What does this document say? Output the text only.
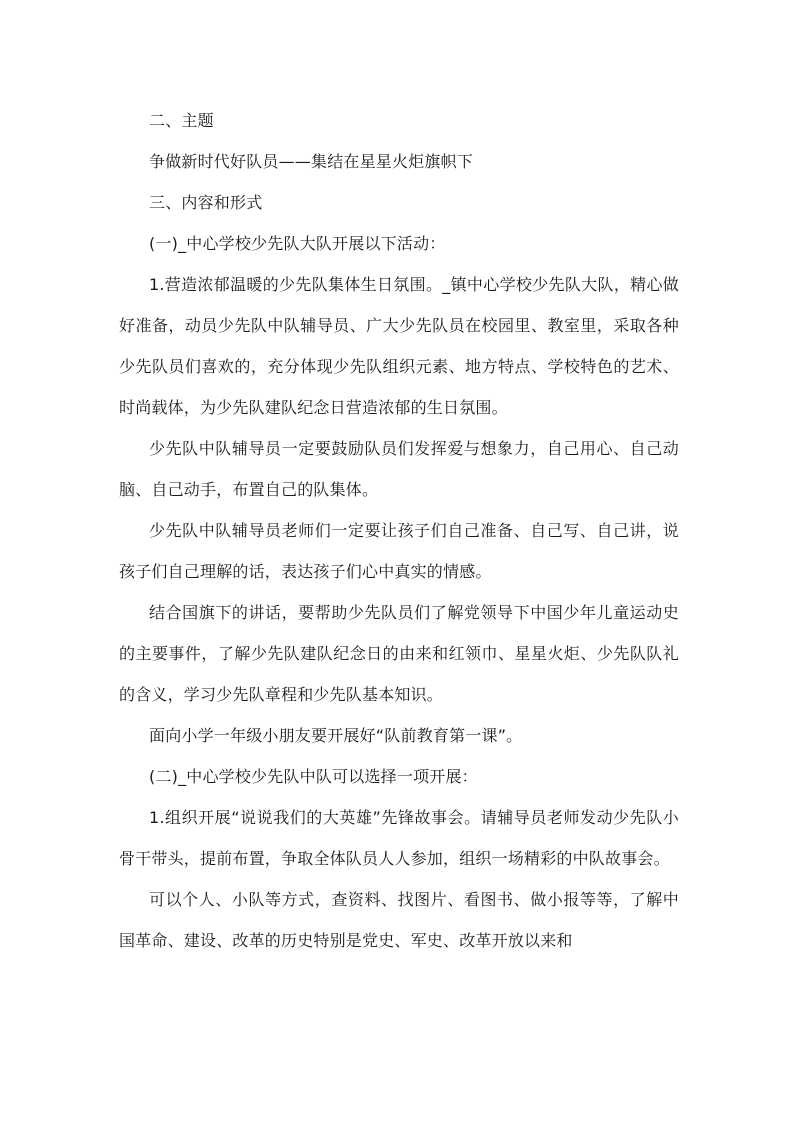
二、主题

争做新时代好队员——集结在星星火炬旗帜下

三、内容和形式

(一)_中心学校少先队大队开展以下活动：

1.营造浓郁温暖的少先队集体生日氛围。_镇中心学校少先队大队，精心做好准备，动员少先队中队辅导员、广大少先队员在校园里、教室里，采取各种少先队员们喜欢的，充分体现少先队组织元素、地方特点、学校特色的艺术、时尚载体，为少先队建队纪念日营造浓郁的生日氛围。

少先队中队辅导员一定要鼓励队员们发挥爱与想象力，自己用心、自己动脑、自己动手，布置自己的队集体。

少先队中队辅导员老师们一定要让孩子们自己准备、自己写、自己讲，说孩子们自己理解的话，表达孩子们心中真实的情感。

结合国旗下的讲话，要帮助少先队员们了解党领导下中国少年儿童运动史的主要事件，了解少先队建队纪念日的由来和红领巾、星星火炬、少先队队礼的含义，学习少先队章程和少先队基本知识。

面向小学一年级小朋友要开展好“队前教育第一课”。

(二)_中心学校少先队中队可以选择一项开展：

1.组织开展“说说我们的大英雄”先锋故事会。请辅导员老师发动少先队小骨干带头，提前布置，争取全体队员人人参加，组织一场精彩的中队故事会。

可以个人、小队等方式，查资料、找图片、看图书、做小报等等，了解中国革命、建设、改革的历史特别是党史、军史、改革开放以来和
